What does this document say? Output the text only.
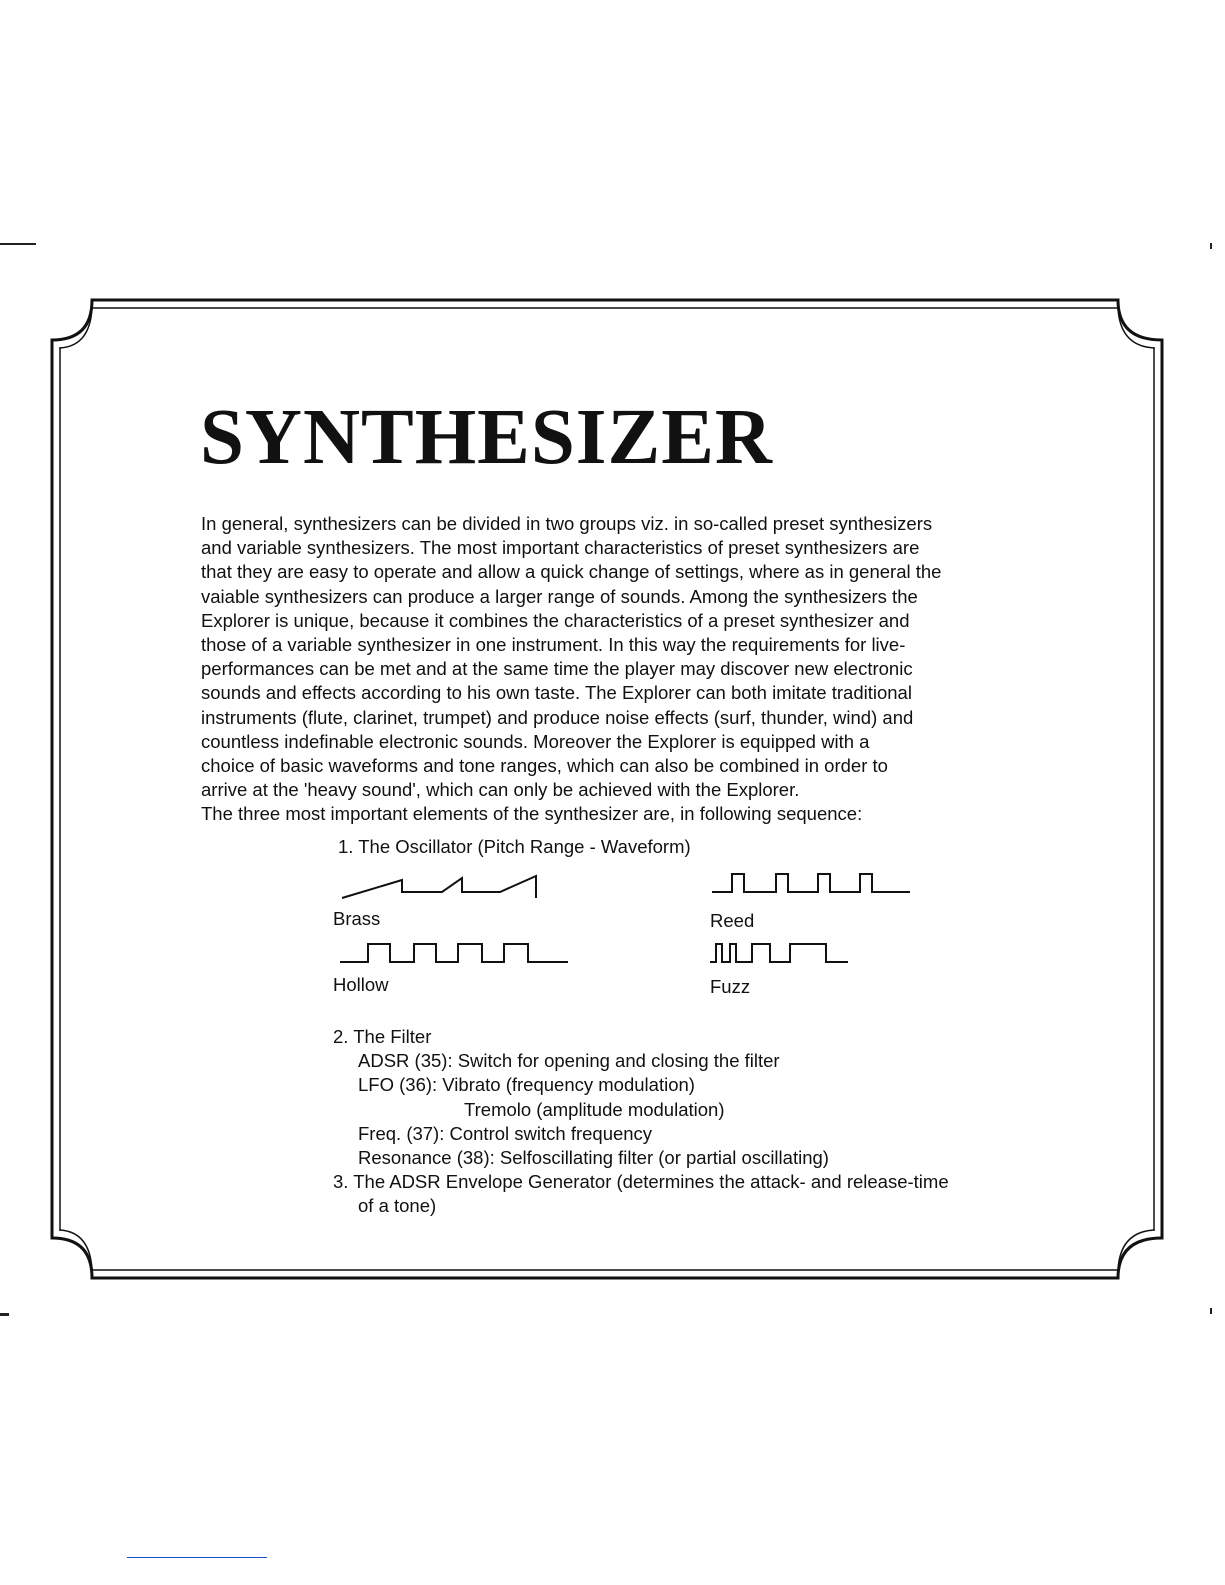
SYNTHESIZER
In general, synthesizers can be divided in two groups viz. in so-called preset synthesizers
and variable synthesizers. The most important characteristics of preset synthesizers are
that they are easy to operate and allow a quick change of settings, where as in general the
vaiable synthesizers can produce a larger range of sounds. Among the synthesizers the
Explorer is unique, because it combines the characteristics of a preset synthesizer and
those of a variable synthesizer in one instrument. In this way the requirements for live-
performances can be met and at the same time the player may discover new electronic
sounds and effects according to his own taste. The Explorer can both imitate traditional
instruments (flute, clarinet, trumpet) and produce noise effects (surf, thunder, wind) and
countless indefinable electronic sounds. Moreover the Explorer is equipped with a
choice of basic waveforms and tone ranges, which can also be combined in order to
arrive at the 'heavy sound', which can only be achieved with the Explorer.
The three most important elements of the synthesizer are, in following sequence:
1. The Oscillator (Pitch Range - Waveform)
Brass	Reed
Hollow	Fuzz
2. The Filter
ADSR (35): Switch for opening and closing the filter
LFO (36): Vibrato (frequency modulation)
Tremolo (amplitude modulation)
Freq. (37): Control switch frequency
Resonance (38): Selfoscillating filter (or partial oscillating)
3. The ADSR Envelope Generator (determines the attack- and release-time
of a tone)
